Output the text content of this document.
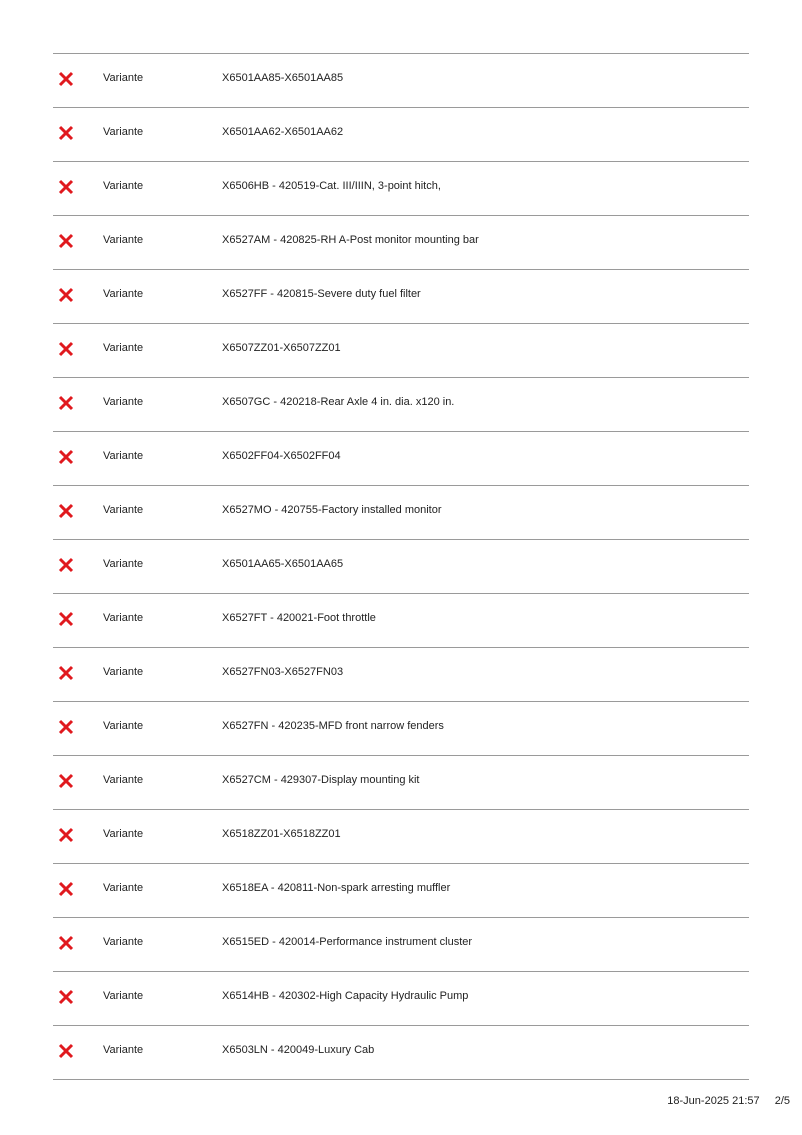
Variante	X6501AA85-X6501AA85
Variante	X6501AA62-X6501AA62
Variante	X6506HB - 420519-Cat. III/IIIN, 3-point hitch,
Variante	X6527AM - 420825-RH A-Post monitor mounting bar
Variante	X6527FF - 420815-Severe duty fuel filter
Variante	X6507ZZ01-X6507ZZ01
Variante	X6507GC - 420218-Rear Axle 4 in. dia. x120 in.
Variante	X6502FF04-X6502FF04
Variante	X6527MO - 420755-Factory installed monitor
Variante	X6501AA65-X6501AA65
Variante	X6527FT - 420021-Foot throttle
Variante	X6527FN03-X6527FN03
Variante	X6527FN - 420235-MFD front narrow fenders
Variante	X6527CM - 429307-Display mounting kit
Variante	X6518ZZ01-X6518ZZ01
Variante	X6518EA - 420811-Non-spark arresting muffler
Variante	X6515ED - 420014-Performance instrument cluster
Variante	X6514HB - 420302-High Capacity Hydraulic Pump
Variante	X6503LN - 420049-Luxury Cab
18-Jun-2025 21:57 2/5
